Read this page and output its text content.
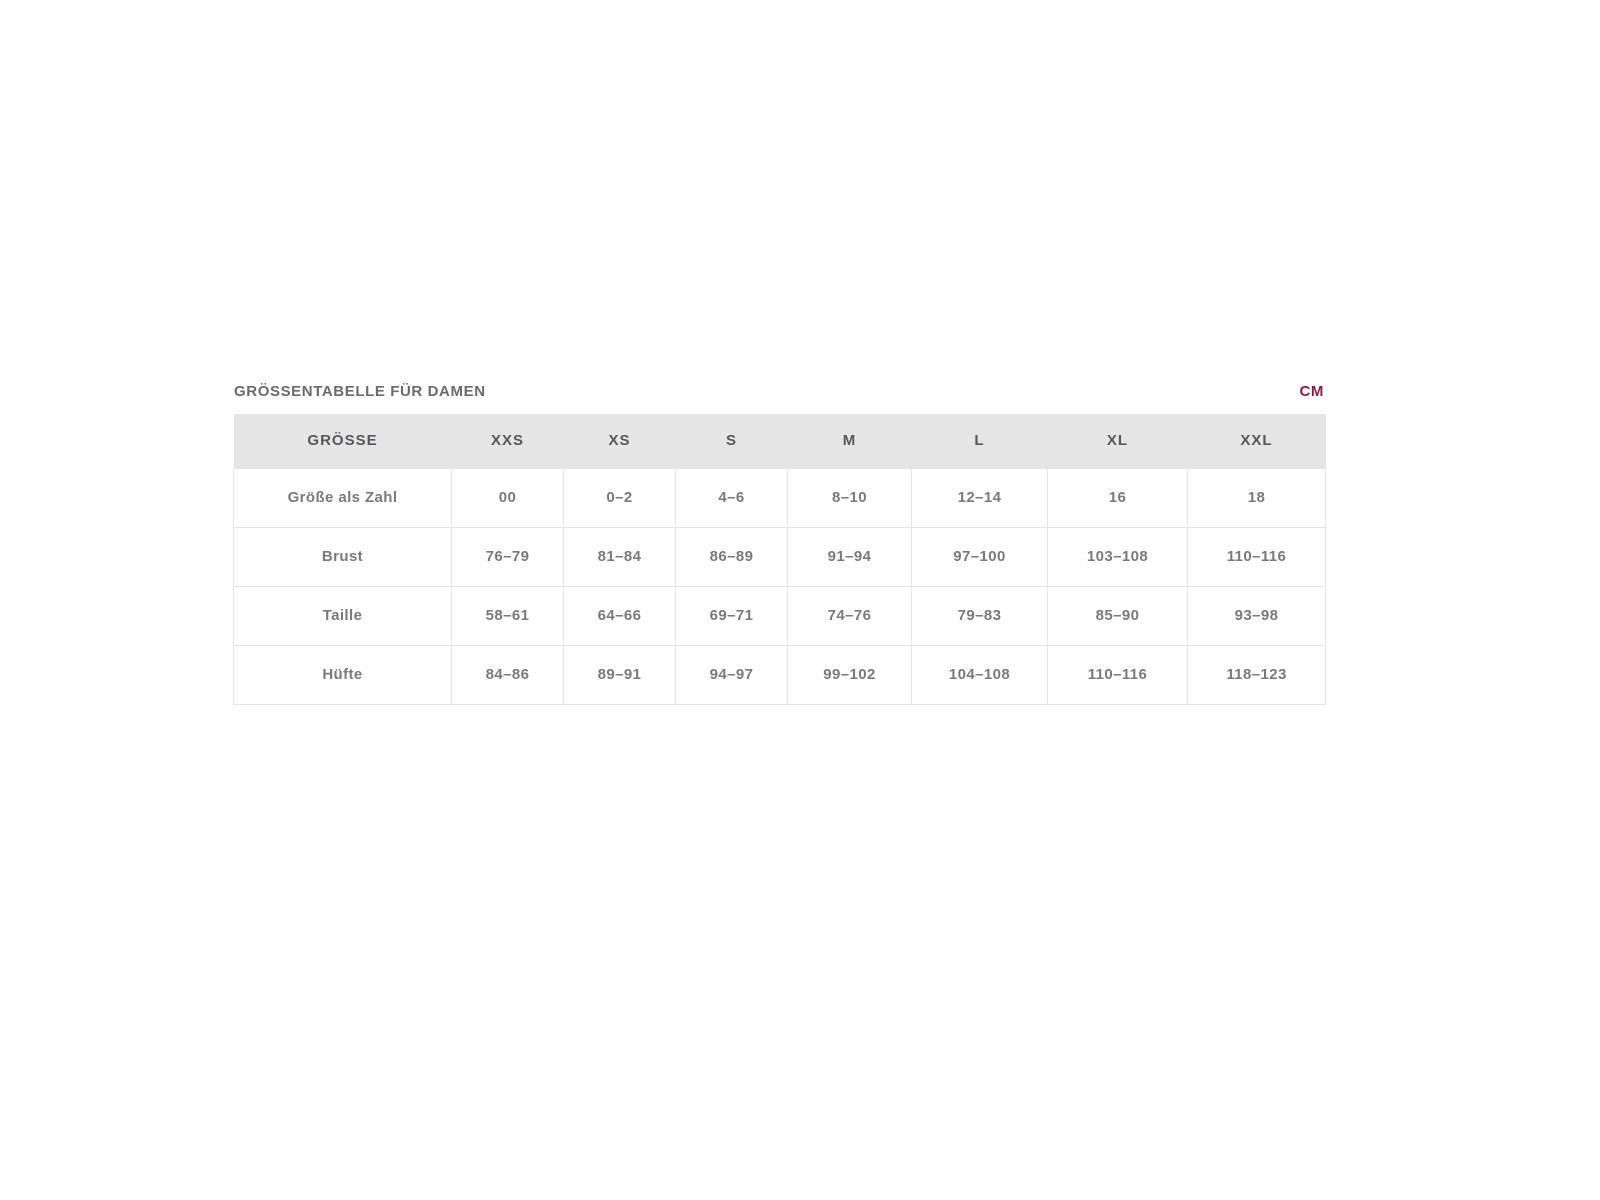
GRÖSSENTABELLE FÜR DAMEN	CM
GRÖSSE	XXS	XS	S	M	L	XL	XXL
Größe als Zahl	00	0–2	4–6	8–10	12–14	16	18
Brust	76–79	81–84	86–89	91–94	97–100	103–108	110–116
Taille	58–61	64–66	69–71	74–76	79–83	85–90	93–98
Hüfte	84–86	89–91	94–97	99–102	104–108	110–116	118–123
